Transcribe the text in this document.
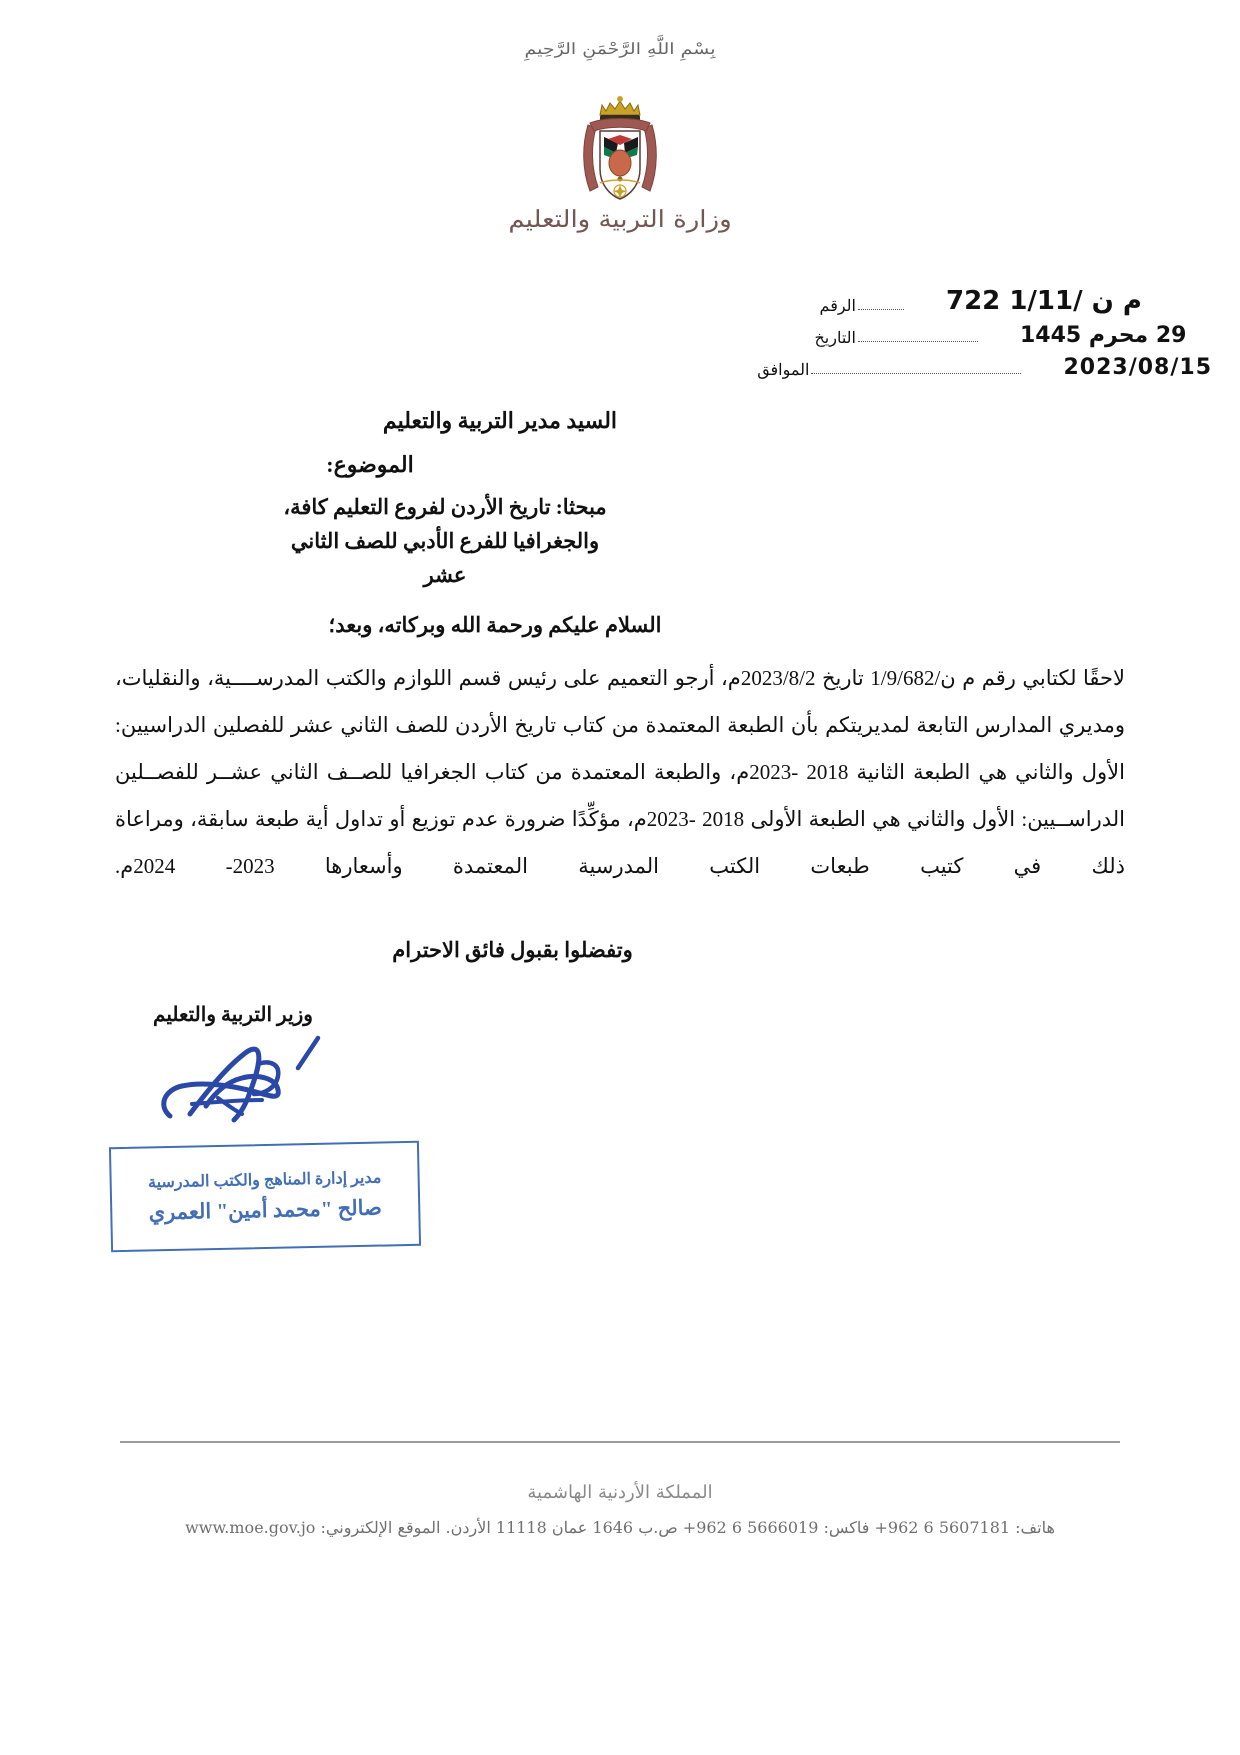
بِسْمِ اللَّهِ الرَّحْمَنِ الرَّحِيمِ
وزارة التربية والتعليم
م ن /1/11 722
الرقم
29 محرم 1445
التاريخ
2023/08/15
الموافق
السيد مدير التربية والتعليم
الموضوع:
مبحثا: تاريخ الأردن لفروع التعليم كافة،
والجغرافيا للفرع الأدبي للصف الثاني
عشر
السلام عليكم ورحمة الله وبركاته، وبعد؛

لاحقًا لكتابي رقم م ن/1/9/682 تاريخ 2023/8/2م، أرجو التعميم على رئيس قسم اللوازم والكتب المدرســــية، والنقليات، ومديري المدارس التابعة لمديريتكم بأن الطبعة المعتمدة من كتاب تاريخ الأردن للصف الثاني عشر للفصلين الدراسيين: الأول والثاني هي الطبعة الثانية 2018 -2023م، والطبعة المعتمدة من كتاب الجغرافيا للصــف الثاني عشــر للفصــلين الدراســيين: الأول والثاني هي الطبعة الأولى 2018 -2023م، مؤكِّدًا ضرورة عدم توزيع أو تداول أية طبعة سابقة، ومراعاة ذلك في كتيب طبعات الكتب المدرسية المعتمدة وأسعارها 2023- 2024م.

وتفضلوا بقبول فائق الاحترام
وزير التربية والتعليم
مدير إدارة المناهج والكتب المدرسية
صالح "محمد أمين" العمري
المملكة الأردنية الهاشمية
هاتف: 5607181 6 962+ فاكس: 5666019 6 962+ ص.ب 1646 عمان 11118 الأردن. الموقع الإلكتروني: www.moe.gov.jo
